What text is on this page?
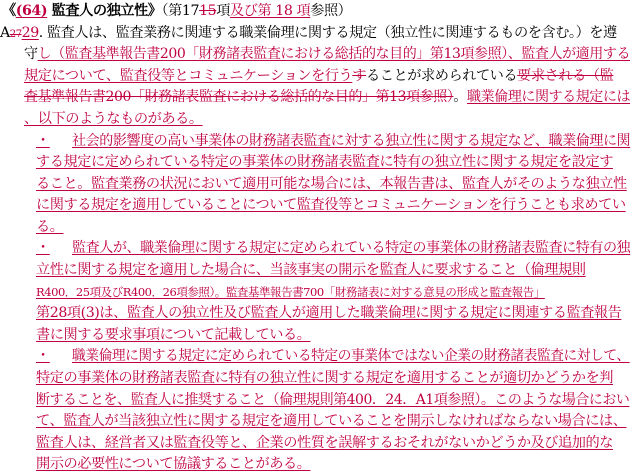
《(64) 監査人の独立性》（第1715項及び第 18 項参照）
A2729. 監査人は、監査業務に関連する職業倫理に関する規定（独立性に関連するものを含む。）を遵
守し（監査基準報告書200「財務諸表監査における総括的な目的」第13項参照）、監査人が適用する
規定について、監査役等とコミュニケーションを行うすることが求められている要求される（監
査基準報告書200「財務諸表監査における総括的な目的」第13項参照）。職業倫理に関する規定には
、以下のようなものがある。
・ 社会的影響度の高い事業体の財務諸表監査に対する独立性に関する規定など、職業倫理に関
する規定に定められている特定の事業体の財務諸表監査に特有の独立性に関する規定を設定す
ること。監査業務の状況において適用可能な場合には、本報告書は、監査人がそのような独立性
に関する規定を適用していることについて監査役等とコミュニケーションを行うことも求めてい
る。
・ 監査人が、職業倫理に関する規定に定められている特定の事業体の財務諸表監査に特有の独
立性に関する規定を適用した場合に、当該事実の開示を監査人に要求すること（倫理規則
R400．25項及びR400．26項参照）。監査基準報告書700「財務諸表に対する意見の形成と監査報告」
第28項(3)は、監査人の独立性及び監査人が適用した職業倫理に関する規定に関連する監査報告
書に関する要求事項について記載している。
・ 職業倫理に関する規定に定められている特定の事業体ではない企業の財務諸表監査に対して、
特定の事業体の財務諸表監査に特有の独立性に関する規定を適用することが適切かどうかを判
断することを、監査人に推奨すること（倫理規則第400．24．A1項参照）。このような場合におい
て、監査人が当該独立性に関する規定を適用していることを開示しなければならない場合には、
監査人は、経営者又は監査役等と、企業の性質を誤解するおそれがないかどうか及び追加的な
開示の必要性について協議することがある。
